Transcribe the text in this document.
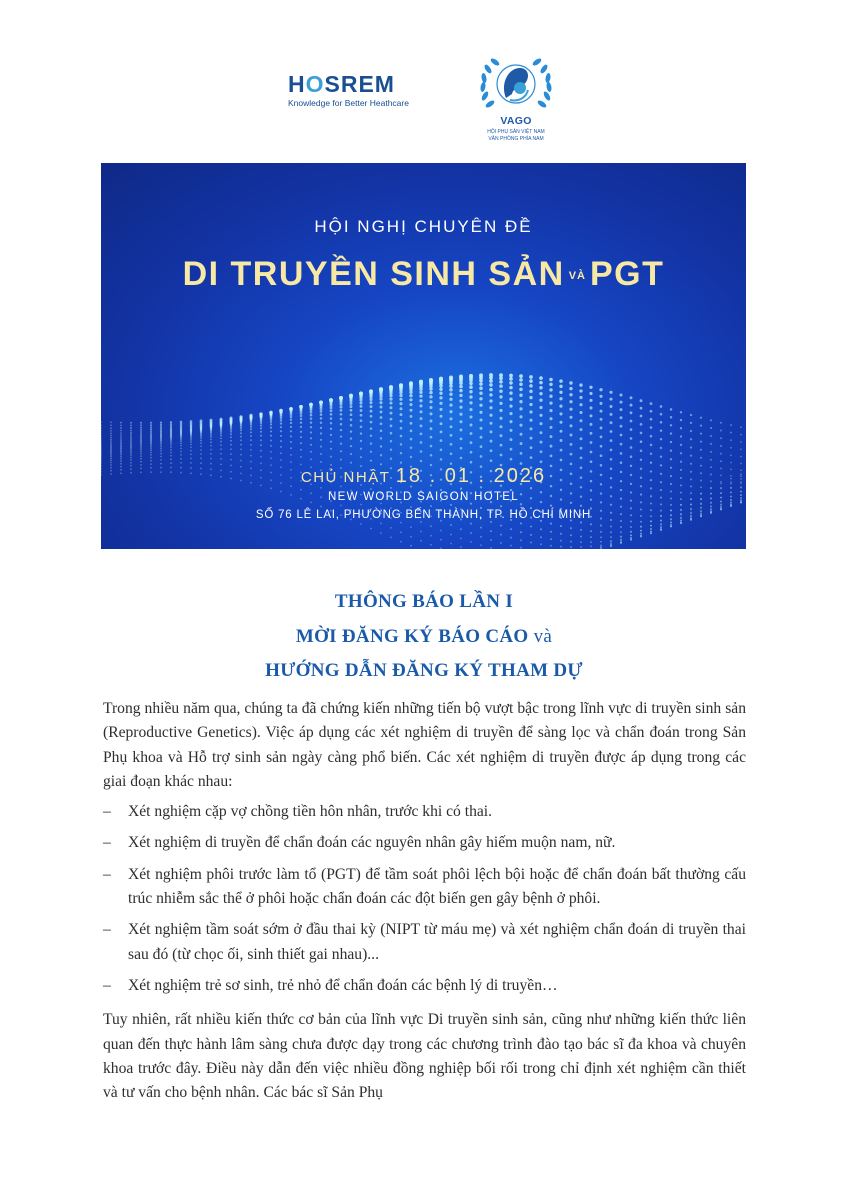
HOSREM
Knowledge for Better Heathcare
VAGO
HỘI PHỤ SẢN VIỆT NAM
VĂN PHÒNG PHÍA NAM
HỘI NGHỊ CHUYÊN ĐỀ
DI TRUYỀN SINH SẢN VÀ PGT
CHỦ NHẬT 18 . 01 . 2026
NEW WORLD SAIGON HOTEL
SỐ 76 LÊ LAI, PHƯỜNG BẾN THÀNH, TP. HỒ CHÍ MINH
THÔNG BÁO LẦN I
MỜI ĐĂNG KÝ BÁO CÁO và
HƯỚNG DẪN ĐĂNG KÝ THAM DỰ

Trong nhiều năm qua, chúng ta đã chứng kiến những tiến bộ vượt bậc trong lĩnh vực di truyền sinh sản (Reproductive Genetics). Việc áp dụng các xét nghiệm di truyền để sàng lọc và chẩn đoán trong Sản Phụ khoa và Hỗ trợ sinh sản ngày càng phổ biến. Các xét nghiệm di truyền được áp dụng trong các giai đoạn khác nhau:

– Xét nghiệm cặp vợ chồng tiền hôn nhân, trước khi có thai.
– Xét nghiệm di truyền để chẩn đoán các nguyên nhân gây hiếm muộn nam, nữ.
– Xét nghiệm phôi trước làm tổ (PGT) để tầm soát phôi lệch bội hoặc để chẩn đoán bất thường cấu trúc nhiễm sắc thể ở phôi hoặc chẩn đoán các đột biến gen gây bệnh ở phôi.
– Xét nghiệm tầm soát sớm ở đầu thai kỳ (NIPT từ máu mẹ) và xét nghiệm chẩn đoán di truyền thai sau đó (từ chọc ối, sinh thiết gai nhau)...
– Xét nghiệm trẻ sơ sinh, trẻ nhỏ để chẩn đoán các bệnh lý di truyền…

Tuy nhiên, rất nhiều kiến thức cơ bản của lĩnh vực Di truyền sinh sản, cũng như những kiến thức liên quan đến thực hành lâm sàng chưa được dạy trong các chương trình đào tạo bác sĩ đa khoa và chuyên khoa trước đây. Điều này dẫn đến việc nhiều đồng nghiệp bối rối trong chỉ định xét nghiệm cần thiết và tư vấn cho bệnh nhân. Các bác sĩ Sản Phụ
